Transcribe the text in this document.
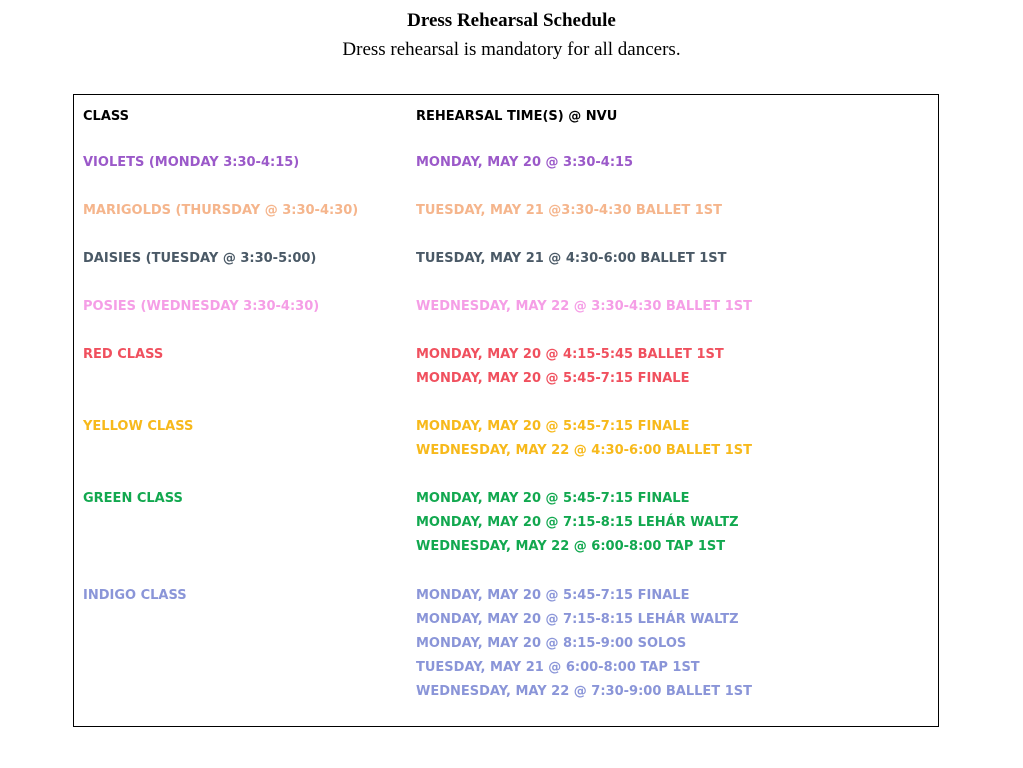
Dress Rehearsal Schedule
Dress rehearsal is mandatory for all dancers.
CLASS	REHEARSAL TIME(S) @ NVU
VIOLETS (MONDAY 3:30-4:15)	MONDAY, MAY 20 @ 3:30-4:15
MARIGOLDS (THURSDAY @ 3:30-4:30)	TUESDAY, MAY 21 @3:30-4:30 BALLET 1ST
DAISIES (TUESDAY @ 3:30-5:00)	TUESDAY, MAY 21 @ 4:30-6:00 BALLET 1ST
POSIES (WEDNESDAY 3:30-4:30)	WEDNESDAY, MAY 22 @ 3:30-4:30 BALLET 1ST
RED CLASS	MONDAY, MAY 20 @ 4:15-5:45 BALLET 1ST
MONDAY, MAY 20 @ 5:45-7:15 FINALE
YELLOW CLASS	MONDAY, MAY 20 @ 5:45-7:15 FINALE
WEDNESDAY, MAY 22 @ 4:30-6:00 BALLET 1ST
GREEN CLASS	MONDAY, MAY 20 @ 5:45-7:15 FINALE
MONDAY, MAY 20 @ 7:15-8:15 LEHÁR WALTZ
WEDNESDAY, MAY 22 @ 6:00-8:00 TAP 1ST
INDIGO CLASS	MONDAY, MAY 20 @ 5:45-7:15 FINALE
MONDAY, MAY 20 @ 7:15-8:15 LEHÁR WALTZ
MONDAY, MAY 20 @ 8:15-9:00 SOLOS
TUESDAY, MAY 21 @ 6:00-8:00 TAP 1ST
WEDNESDAY, MAY 22 @ 7:30-9:00 BALLET 1ST
